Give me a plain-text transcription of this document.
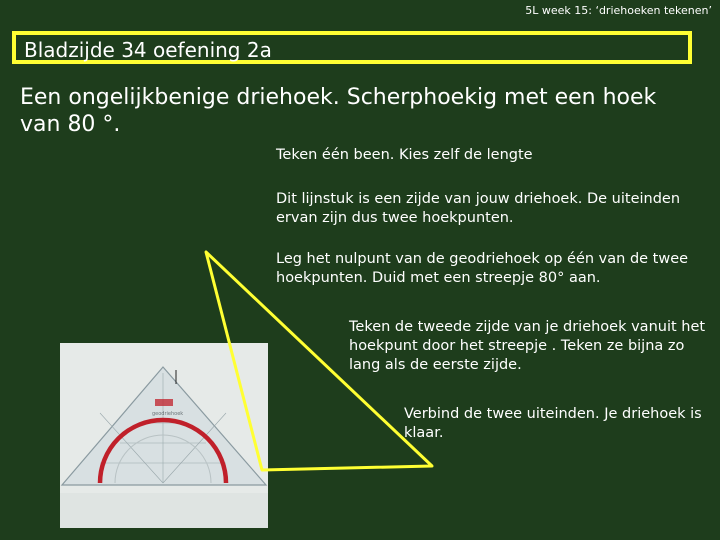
5L week 15: ‘driehoeken tekenen’
Bladzijde 34 oefening 2a
Een ongelijkbenige driehoek. Scherphoekig met een hoek van 80 °.
geodriehoek
Teken één been. Kies zelf de lengte
Dit lijnstuk is een zijde van jouw driehoek. De uiteinden ervan zijn dus twee hoekpunten.
Leg het nulpunt van de geodriehoek op één van de twee hoekpunten. Duid met een streepje 80° aan.
Teken de tweede zijde van je driehoek vanuit het hoekpunt door het streepje . Teken ze bijna zo lang als de eerste zijde.
Verbind de twee uiteinden. Je driehoek is klaar.
